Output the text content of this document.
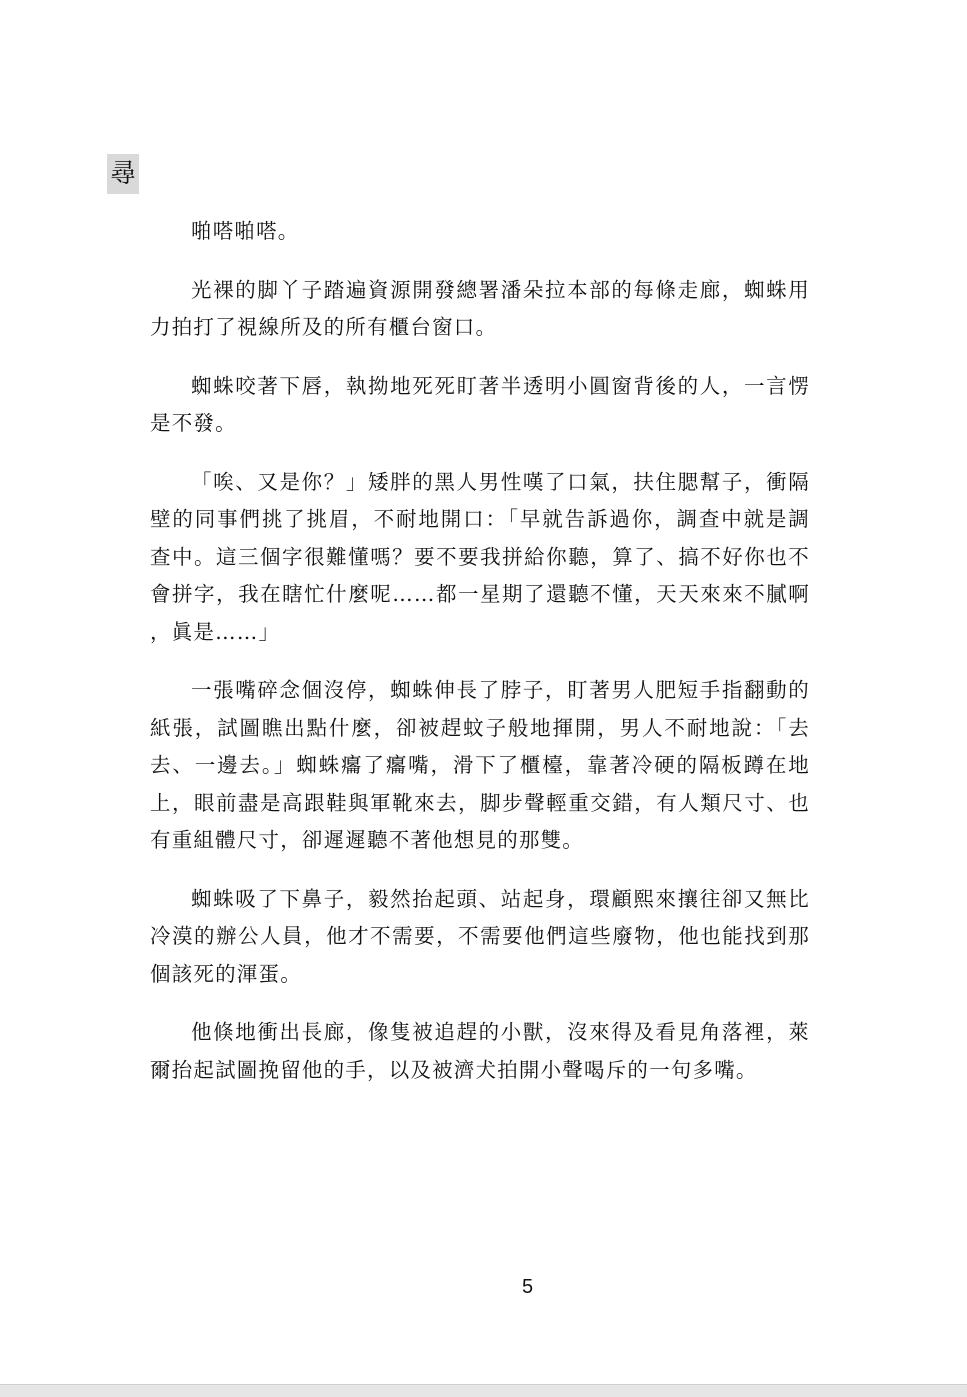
尋

啪嗒啪嗒。

光裸的脚丫子踏遍資源開發總署潘朵拉本部的每條走廊，蜘蛛用力拍打了視線所及的所有櫃台窗口。

蜘蛛咬著下唇，執拗地死死盯著半透明小圓窗背後的人，一言愣是不發。

「唉、又是你？」矮胖的黑人男性嘆了口氣，扶住腮幫子，衝隔壁的同事們挑了挑眉，不耐地開口：「早就告訴過你，調查中就是調查中。這三個字很難懂嗎？要不要我拼給你聽，算了、搞不好你也不會拼字，我在瞎忙什麼呢……都一星期了還聽不懂，天天來來不膩啊，眞是……」

一張嘴碎念個沒停，蜘蛛伸長了脖子，盯著男人肥短手指翻動的紙張，試圖瞧出點什麼，卻被趕蚊子般地揮開，男人不耐地說：「去去、一邊去。」蜘蛛癟了癟嘴，滑下了櫃檯，靠著冷硬的隔板蹲在地上，眼前盡是高跟鞋與軍靴來去，脚步聲輕重交錯，有人類尺寸、也有重組體尺寸，卻遲遲聽不著他想見的那雙。

蜘蛛吸了下鼻子，毅然抬起頭、站起身，環顧熙來攘往卻又無比冷漠的辦公人員，他才不需要，不需要他們這些廢物，他也能找到那個該死的渾蛋。

他倏地衝出長廊，像隻被追趕的小獸，沒來得及看見角落裡，萊爾抬起試圖挽留他的手，以及被濟犬拍開小聲喝斥的一句多嘴。

5
